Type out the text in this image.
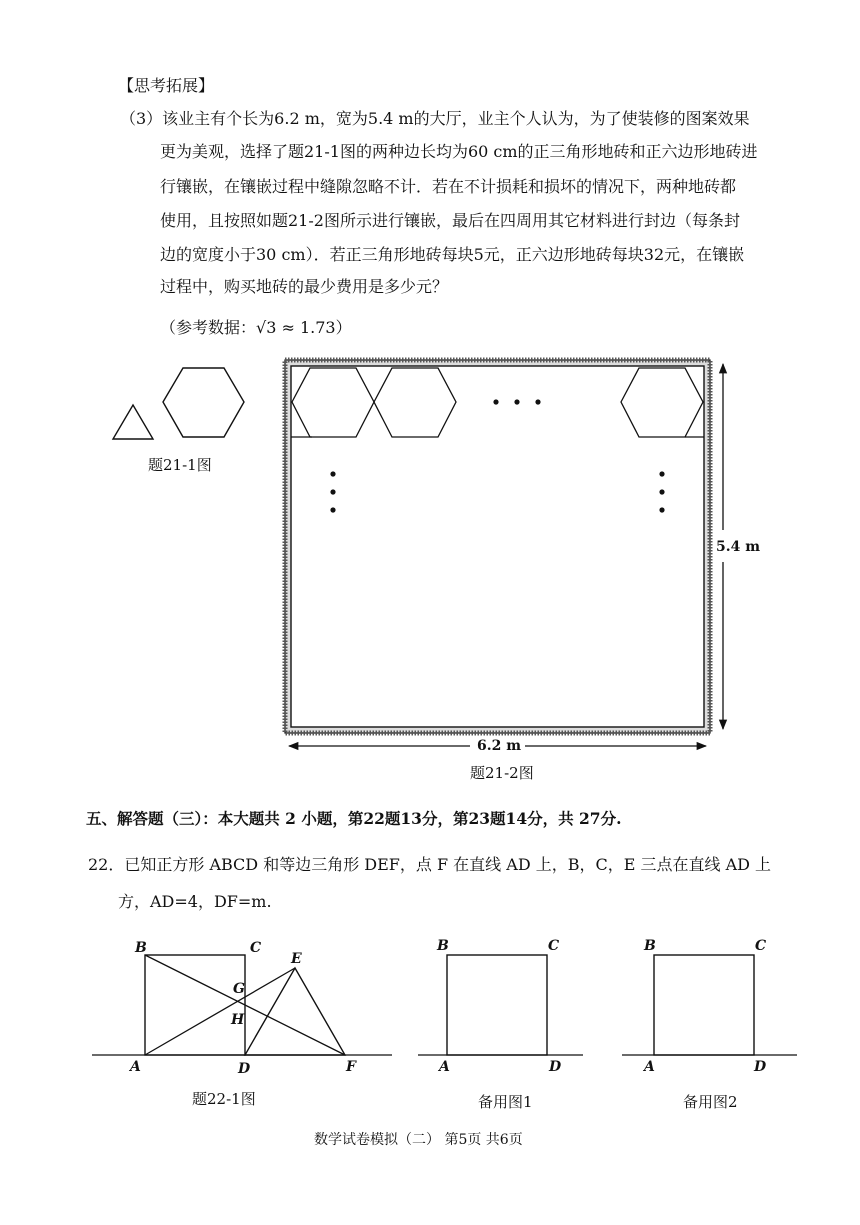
【思考拓展】
（3）该业主有个长为6.2 m，宽为5.4 m的大厅，业主个人认为，为了使装修的图案效果
更为美观，选择了题21-1图的两种边长均为60 cm的正三角形地砖和正六边形地砖进
行镶嵌，在镶嵌过程中缝隙忽略不计．若在不计损耗和损坏的情况下，两种地砖都
使用，且按照如题21-2图所示进行镶嵌，最后在四周用其它材料进行封边（每条封
边的宽度小于30 cm）．若正三角形地砖每块5元，正六边形地砖每块32元，在镶嵌
过程中，购买地砖的最少费用是多少元？
（参考数据：√3 ≈ 1.73）
B	C
E
G
H
A	D	F
B	C
A	D
B	C
A	D
5.4 m
6.2 m
题21-1图
题21-2图
五、解答题（三）：本大题共 2 小题，第22题13分，第23题14分，共 27分.
22．已知正方形 ABCD 和等边三角形 DEF，点 F 在直线 AD 上，B，C，E 三点在直线 AD 上
方，AD=4，DF=m.
题22-1图	备用图1	备用图2
数学试卷模拟（二） 第5页 共6页
